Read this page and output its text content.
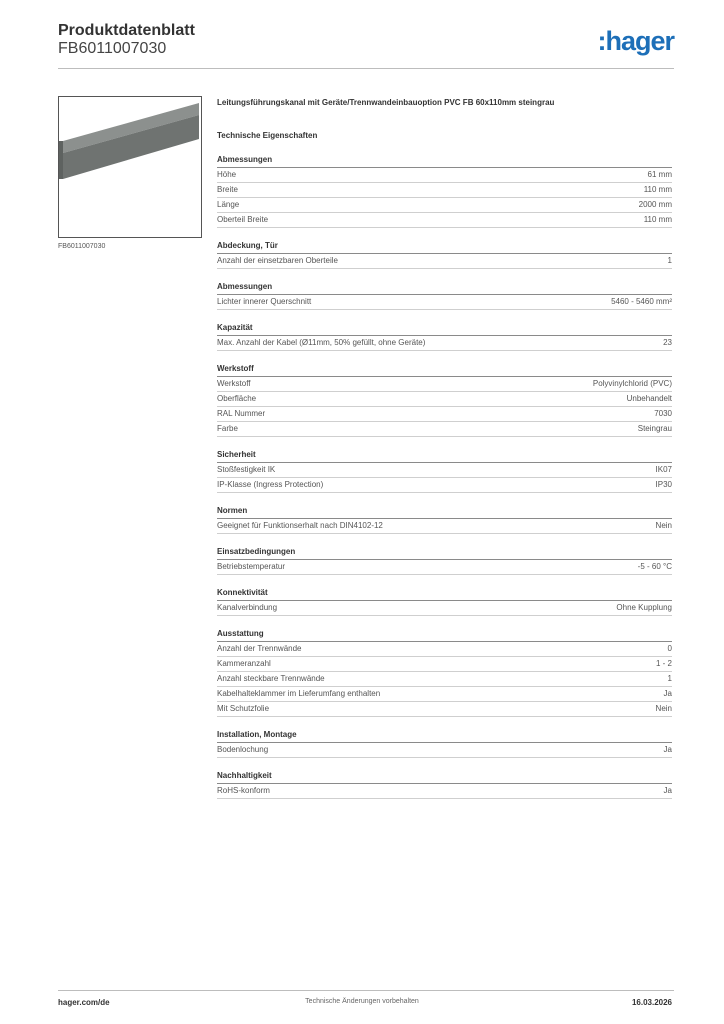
Produktdatenblatt
FB6011007030	:hager
FB6011007030
Leitungsführungskanal mit Geräte/Trennwandeinbauoption PVC FB 60x110mm steingrau
Technische Eigenschaften
Abmessungen
Höhe	61 mm
Breite	110 mm
Länge	2000 mm
Oberteil Breite	110 mm
Abdeckung, Tür
Anzahl der einsetzbaren Oberteile	1
Abmessungen
Lichter innerer Querschnitt	5460 - 5460 mm²
Kapazität
Max. Anzahl der Kabel (Ø11mm, 50% gefüllt, ohne Geräte)	23
Werkstoff
Werkstoff	Polyvinylchlorid (PVC)
Oberfläche	Unbehandelt
RAL Nummer	7030
Farbe	Steingrau
Sicherheit
Stoßfestigkeit IK	IK07
IP-Klasse (Ingress Protection)	IP30
Normen
Geeignet für Funktionserhalt nach DIN4102-12	Nein
Einsatzbedingungen
Betriebstemperatur	-5 - 60 °C
Konnektivität
Kanalverbindung	Ohne Kupplung
Ausstattung
Anzahl der Trennwände	0
Kammeranzahl	1 - 2
Anzahl steckbare Trennwände	1
Kabelhalteklammer im Lieferumfang enthalten	Ja
Mit Schutzfolie	Nein
Installation, Montage
Bodenlochung	Ja
Nachhaltigkeit
RoHS-konform	Ja
hager.com/de	Technische Änderungen vorbehalten	16.03.2026
